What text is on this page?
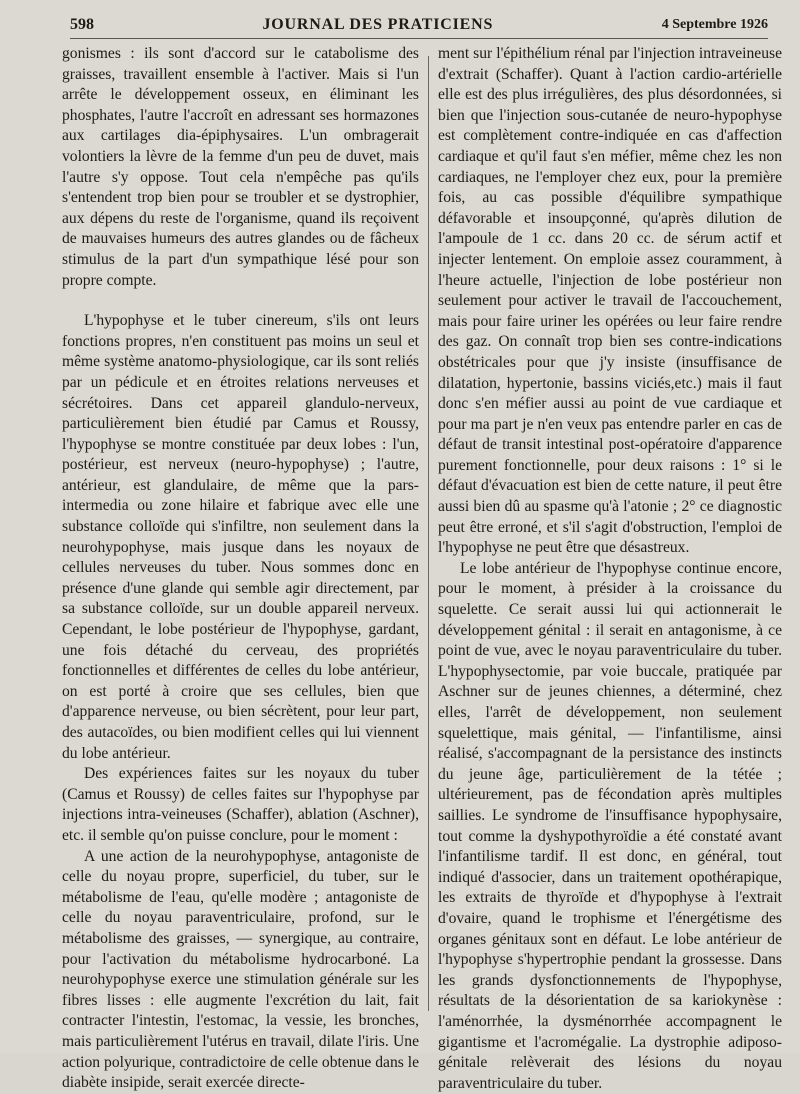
598	JOURNAL DES PRATICIENS	4 Septembre 1926

gonismes : ils sont d'accord sur le catabolisme des graisses, travaillent ensemble à l'activer. Mais si l'un arrête le développement osseux, en éliminant les phosphates, l'autre l'accroît en adressant ses hormazones aux cartilages dia-épiphysaires. L'un ombragerait volontiers la lèvre de la femme d'un peu de duvet, mais l'autre s'y oppose. Tout cela n'empêche pas qu'ils s'entendent trop bien pour se troubler et se dystrophier, aux dépens du reste de l'organisme, quand ils reçoivent de mauvaises humeurs des autres glandes ou de fâcheux stimulus de la part d'un sympathique lésé pour son propre compte.

L'hypophyse et le tuber cinereum, s'ils ont leurs fonctions propres, n'en constituent pas moins un seul et même système anatomo-physiologique, car ils sont reliés par un pédicule et en étroites relations nerveuses et sécrétoires. Dans cet appareil glandulo-nerveux, particulièrement bien étudié par Camus et Roussy, l'hypophyse se montre constituée par deux lobes : l'un, postérieur, est nerveux (neuro-hypophyse) ; l'autre, antérieur, est glandulaire, de même que la pars-intermedia ou zone hilaire et fabrique avec elle une substance colloïde qui s'infiltre, non seulement dans la neurohypophyse, mais jusque dans les noyaux de cellules nerveuses du tuber. Nous sommes donc en présence d'une glande qui semble agir directement, par sa substance colloïde, sur un double appareil nerveux. Cependant, le lobe postérieur de l'hypophyse, gardant, une fois détaché du cerveau, des propriétés fonctionnelles et différentes de celles du lobe antérieur, on est porté à croire que ses cellules, bien que d'apparence nerveuse, ou bien sécrètent, pour leur part, des autacoïdes, ou bien modifient celles qui lui viennent du lobe antérieur.

Des expériences faites sur les noyaux du tuber (Camus et Roussy) de celles faites sur l'hypophyse par injections intra-veineuses (Schaffer), ablation (Aschner), etc. il semble qu'on puisse conclure, pour le moment :

A une action de la neurohypophyse, antagoniste de celle du noyau propre, superficiel, du tuber, sur le métabolisme de l'eau, qu'elle modère ; antagoniste de celle du noyau paraventriculaire, profond, sur le métabolisme des graisses, — synergique, au contraire, pour l'activation du métabolisme hydrocarboné. La neurohypophyse exerce une stimulation générale sur les fibres lisses : elle augmente l'excrétion du lait, fait contracter l'intestin, l'estomac, la vessie, les bronches, mais particulièrement l'utérus en travail, dilate l'iris. Une action polyurique, contradictoire de celle obtenue dans le diabète insipide, serait exercée directe-

ment sur l'épithélium rénal par l'injection intraveineuse d'extrait (Schaffer). Quant à l'action cardio-artérielle elle est des plus irrégulières, des plus désordonnées, si bien que l'injection sous-cutanée de neuro-hypophyse est complètement contre-indiquée en cas d'affection cardiaque et qu'il faut s'en méfier, même chez les non cardiaques, ne l'employer chez eux, pour la première fois, au cas possible d'équilibre sympathique défavorable et insoupçonné, qu'après dilution de l'ampoule de 1 cc. dans 20 cc. de sérum actif et injecter lentement. On emploie assez couramment, à l'heure actuelle, l'injection de lobe postérieur non seulement pour activer le travail de l'accouchement, mais pour faire uriner les opérées ou leur faire rendre des gaz. On connaît trop bien ses contre-indications obstétricales pour que j'y insiste (insuffisance de dilatation, hypertonie, bassins viciés,etc.) mais il faut donc s'en méfier aussi au point de vue cardiaque et pour ma part je n'en veux pas entendre parler en cas de défaut de transit intestinal post-opératoire d'apparence purement fonctionnelle, pour deux raisons : 1° si le défaut d'évacuation est bien de cette nature, il peut être aussi bien dû au spasme qu'à l'atonie ; 2° ce diagnostic peut être erroné, et s'il s'agit d'obstruction, l'emploi de l'hypophyse ne peut être que désastreux.

Le lobe antérieur de l'hypophyse continue encore, pour le moment, à présider à la croissance du squelette. Ce serait aussi lui qui actionnerait le développement génital : il serait en antagonisme, à ce point de vue, avec le noyau paraventriculaire du tuber. L'hypophysectomie, par voie buccale, pratiquée par Aschner sur de jeunes chiennes, a déterminé, chez elles, l'arrêt de développement, non seulement squelettique, mais génital, — l'infantilisme, ainsi réalisé, s'accompagnant de la persistance des instincts du jeune âge, particulièrement de la tétée ; ultérieurement, pas de fécondation après multiples saillies. Le syndrome de l'insuffisance hypophysaire, tout comme la dyshypothyroïdie a été constaté avant l'infantilisme tardif. Il est donc, en général, tout indiqué d'associer, dans un traitement opothérapique, les extraits de thyroïde et d'hypophyse à l'extrait d'ovaire, quand le trophisme et l'énergétisme des organes génitaux sont en défaut. Le lobe antérieur de l'hypophyse s'hypertrophie pendant la grossesse. Dans les grands dysfonctionnements de l'hypophyse, résultats de la désorientation de sa kariokynèse : l'aménorrhée, la dysménorrhée accompagnent le gigantisme et l'acromégalie. La dystrophie adiposo-génitale relèverait des lésions du noyau paraventriculaire du tuber.
